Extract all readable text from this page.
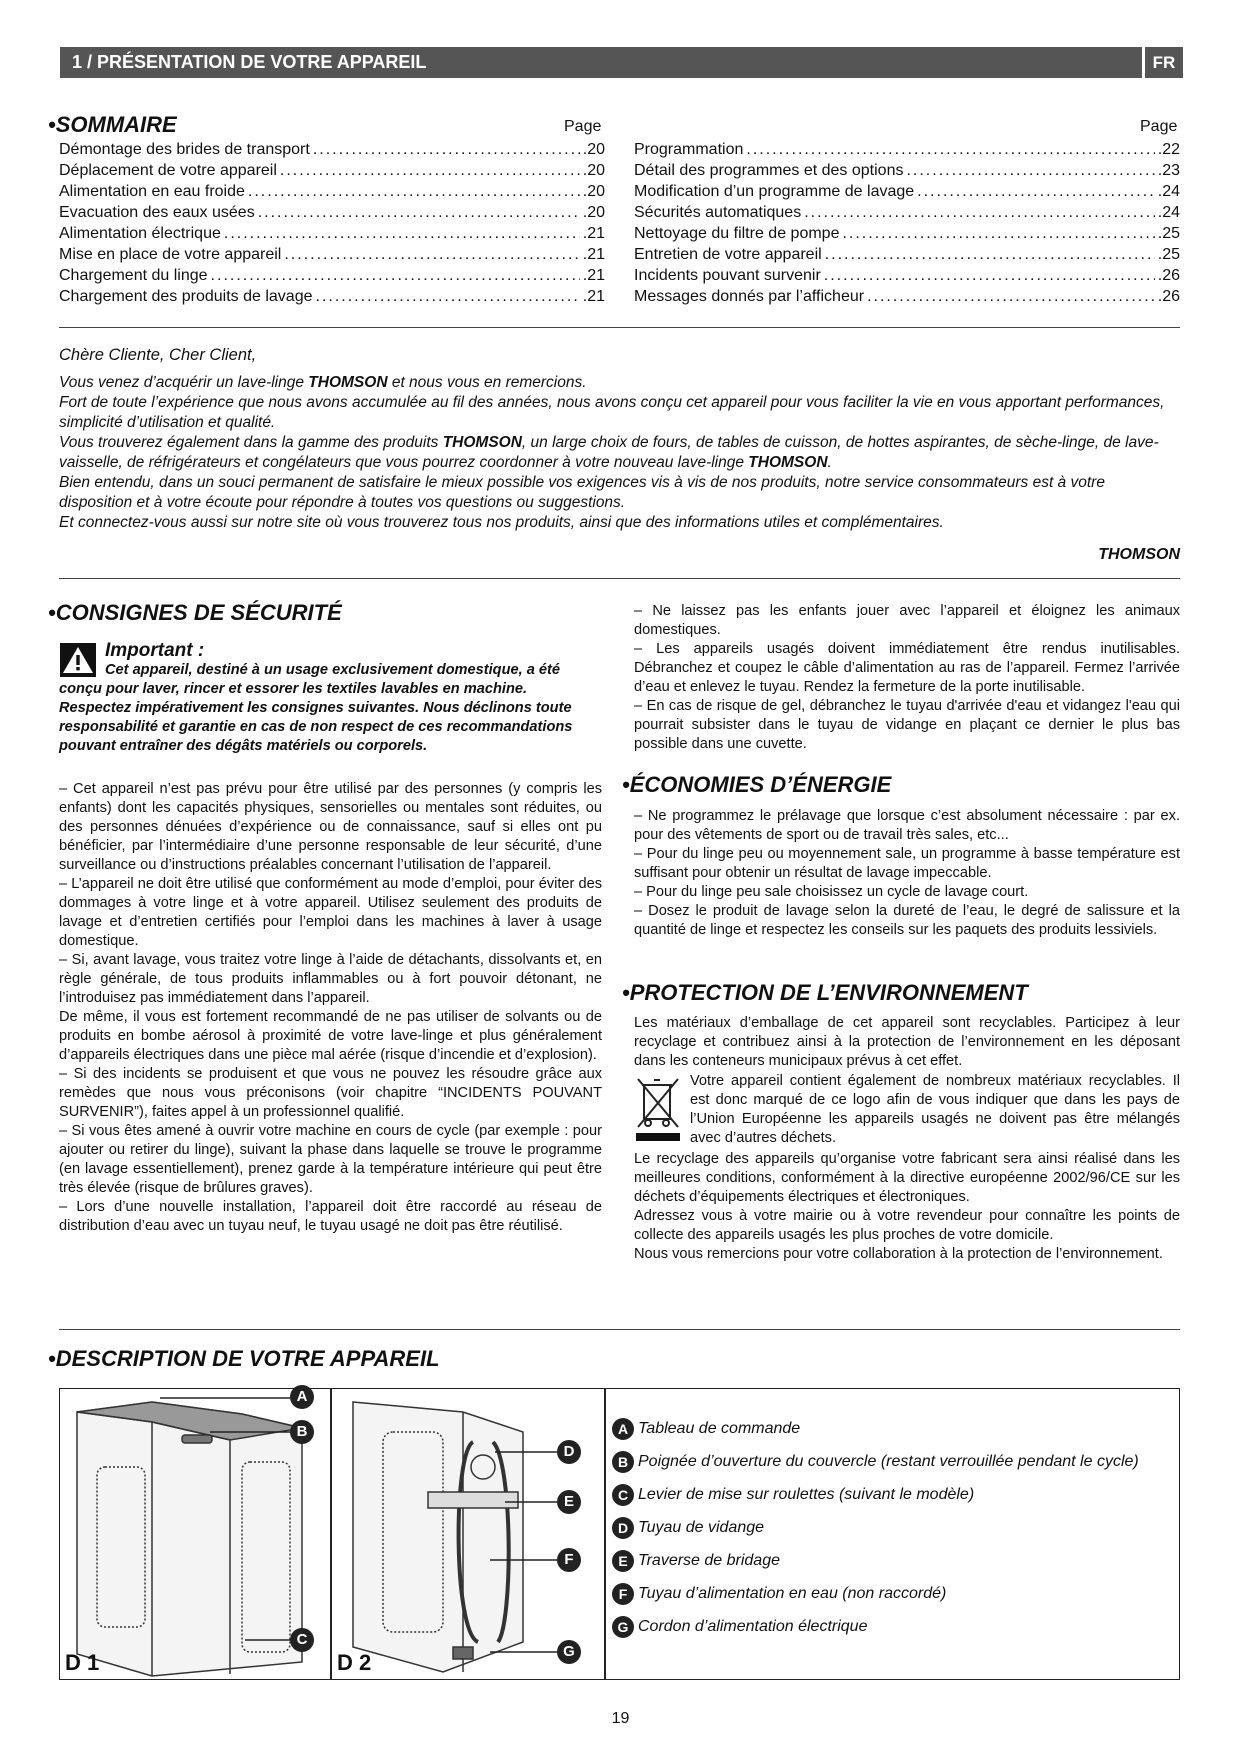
1 / PRÉSENTATION DE VOTRE APPAREIL	FR
•SOMMAIRE	Page	Page
Démontage des brides de transport .....	.20
Déplacement de votre appareil .....	.20
Alimentation en eau froide .....	.20
Evacuation des eaux usées .....	.20
Alimentation électrique .....	.21
Mise en place de votre appareil .....	.21
Chargement du linge .....	.21
Chargement des produits de lavage .....	.21
Programmation .....	.22
Détail des programmes et des options .....	.23
Modification d’un programme de lavage .....	.24
Sécurités automatiques .....	.24
Nettoyage du filtre de pompe .....	.25
Entretien de votre appareil .....	.25
Incidents pouvant survenir .....	.26
Messages donnés par l’afficheur .....	.26
Chère Cliente, Cher Client,
Vous venez d’acquérir un lave-linge THOMSON et nous vous en remercions.
Fort de toute l’expérience que nous avons accumulée au fil des années, nous avons conçu cet appareil pour vous faciliter la vie en vous apportant performances, simplicité d’utilisation et qualité.
Vous trouverez également dans la gamme des produits THOMSON, un large choix de fours, de tables de cuisson, de hottes aspirantes, de sèche-linge, de lave-vaisselle, de réfrigérateurs et congélateurs que vous pourrez coordonner à votre nouveau lave-linge THOMSON.
Bien entendu, dans un souci permanent de satisfaire le mieux possible vos exigences vis à vis de nos produits, notre service consommateurs est à votre disposition et à votre écoute pour répondre à toutes vos questions ou suggestions.
Et connectez-vous aussi sur notre site où vous trouverez tous nos produits, ainsi que des informations utiles et complémentaires.
THOMSON
•CONSIGNES DE SÉCURITÉ
Important :
Cet appareil, destiné à un usage exclusivement domestique, a été conçu pour laver, rincer et essorer les textiles lavables en machine. Respectez impérativement les consignes suivantes. Nous déclinons toute responsabilité et garantie en cas de non respect de ces recommandations pouvant entraîner des dégâts matériels ou corporels.

– Cet appareil n’est pas prévu pour être utilisé par des personnes (y compris les enfants) dont les capacités physiques, sensorielles ou mentales sont réduites, ou des personnes dénuées d’expérience ou de connaissance, sauf si elles ont pu bénéficier, par l’intermédiaire d’une personne responsable de leur sécurité, d’une surveillance ou d’instructions préalables concernant l’utilisation de l’appareil.

– L’appareil ne doit être utilisé que conformément au mode d’emploi, pour éviter des dommages à votre linge et à votre appareil. Utilisez seulement des produits de lavage et d’entretien certifiés pour l’emploi dans les machines à laver à usage domestique.

– Si, avant lavage, vous traitez votre linge à l’aide de détachants, dissolvants et, en règle générale, de tous produits inflammables ou à fort pouvoir détonant, ne l’introduisez pas immédiatement dans l’appareil.

De même, il vous est fortement recommandé de ne pas utiliser de solvants ou de produits en bombe aérosol à proximité de votre lave-linge et plus généralement d’appareils électriques dans une pièce mal aérée (risque d’incendie et d’explosion).

– Si des incidents se produisent et que vous ne pouvez les résoudre grâce aux remèdes que nous vous préconisons (voir chapitre “INCIDENTS POUVANT SURVENIR”), faites appel à un professionnel qualifié.

– Si vous êtes amené à ouvrir votre machine en cours de cycle (par exemple : pour ajouter ou retirer du linge), suivant la phase dans laquelle se trouve le programme (en lavage essentiellement), prenez garde à la température intérieure qui peut être très élevée (risque de brûlures graves).

– Lors d’une nouvelle installation, l’appareil doit être raccordé au réseau de distribution d’eau avec un tuyau neuf, le tuyau usagé ne doit pas être réutilisé.

– Ne laissez pas les enfants jouer avec l’appareil et éloignez les animaux domestiques.

– Les appareils usagés doivent immédiatement être rendus inutilisables. Débranchez et coupez le câble d’alimentation au ras de l’appareil. Fermez l’arrivée d’eau et enlevez le tuyau. Rendez la fermeture de la porte inutilisable.

– En cas de risque de gel, débranchez le tuyau d'arrivée d'eau et vidangez l'eau qui pourrait subsister dans le tuyau de vidange en plaçant ce dernier le plus bas possible dans une cuvette.

•ÉCONOMIES D’ÉNERGIE

– Ne programmez le prélavage que lorsque c’est absolument nécessaire : par ex. pour des vêtements de sport ou de travail très sales, etc...

– Pour du linge peu ou moyennement sale, un programme à basse température est suffisant pour obtenir un résultat de lavage impeccable.

– Pour du linge peu sale choisissez un cycle de lavage court.

– Dosez le produit de lavage selon la dureté de l’eau, le degré de salissure et la quantité de linge et respectez les conseils sur les paquets des produits lessiviels.

•PROTECTION DE L’ENVIRONNEMENT
Les matériaux d’emballage de cet appareil sont recyclables. Participez à leur recyclage et contribuez ainsi à la protection de l’environnement en les déposant dans les conteneurs municipaux prévus à cet effet.
Votre appareil contient également de nombreux matériaux recyclables. Il est donc marqué de ce logo afin de vous indiquer que dans les pays de l’Union Européenne les appareils usagés ne doivent pas être mélangés avec d’autres déchets.
Le recyclage des appareils qu’organise votre fabricant sera ainsi réalisé dans les meilleures conditions, conformément à la directive européenne 2002/96/CE sur les déchets d’équipements électriques et électroniques.
Adressez vous à votre mairie ou à votre revendeur pour connaître les points de collecte des appareils usagés les plus proches de votre domicile.
Nous vous remercions pour votre collaboration à la protection de l’environnement.
•DESCRIPTION DE VOTRE APPAREIL
A
B
C
D 1
D
E
F
G
D 2
A Tableau de commande
B Poignée d’ouverture du couvercle (restant verrouillée pendant le cycle)
C Levier de mise sur roulettes (suivant le modèle)
D Tuyau de vidange
E Traverse de bridage
F Tuyau d’alimentation en eau (non raccordé)
G Cordon d’alimentation électrique
19
